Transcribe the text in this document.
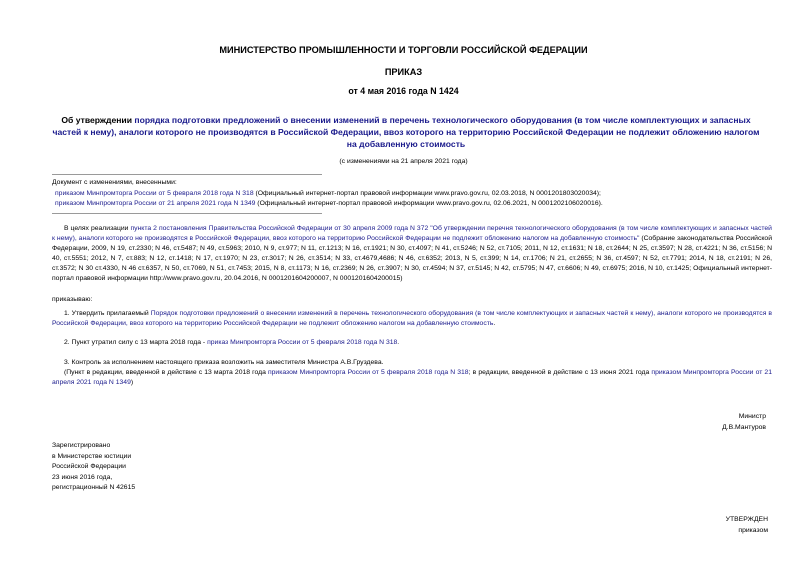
МИНИСТЕРСТВО ПРОМЫШЛЕННОСТИ И ТОРГОВЛИ РОССИЙСКОЙ ФЕДЕРАЦИИ
ПРИКАЗ
от 4 мая 2016 года N 1424
Об утверждении порядка подготовки предложений о внесении изменений в перечень технологического оборудования (в том числе комплектующих и запасных частей к нему), аналоги которого не производятся в Российской Федерации, ввоз которого на территорию Российской Федерации не подлежит обложению налогом на добавленную стоимость
(с изменениями на 21 апреля 2021 года)
Документ с изменениями, внесенными:
приказом Минпромторга России от 5 февраля 2018 года N 318 (Официальный интернет-портал правовой информации www.pravo.gov.ru, 02.03.2018, N 0001201803020034);
приказом Минпромторга России от 21 апреля 2021 года N 1349 (Официальный интернет-портал правовой информации www.pravo.gov.ru, 02.06.2021, N 0001202106020016).
В целях реализации пункта 2 постановления Правительства Российской Федерации от 30 апреля 2009 года N 372 "Об утверждении перечня технологического оборудования (в том числе комплектующих и запасных частей к нему), аналоги которого не производятся в Российской Федерации, ввоз которого на территорию Российской Федерации не подлежит обложению налогом на добавленную стоимость" (Собрание законодательства Российской Федерации, 2009, N 19, ст.2330; N 46, ст.5487; N 49, ст.5963; 2010, N 9, ст.977; N 11, ст.1213; N 16, ст.1921; N 30, ст.4097; N 41, ст.5246; N 52, ст.7105; 2011, N 12, ст.1631; N 18, ст.2644; N 25, ст.3597; N 28, ст.4221; N 36, ст.5156; N 40, ст.5551; 2012, N 7, ст.883; N 12, ст.1418; N 17, ст.1970; N 23, ст.3017; N 26, ст.3514; N 33, ст.4679,4686; N 46, ст.6352; 2013, N 5, ст.399; N 14, ст.1706; N 21, ст.2655; N 36, ст.4597; N 52, ст.7791; 2014, N 18, ст.2191; N 26, ст.3572; N 30 ст.4330, N 46 ст.6357, N 50, ст.7069, N 51, ст.7453; 2015, N 8, ст.1173; N 16, ст.2369; N 26, ст.3907; N 30, ст.4594; N 37, ст.5145; N 42, ст.5795; N 47, ст.6606; N 49, ст.6975; 2016, N 10, ст.1425; Официальный интернет-портал правовой информации http://www.pravo.gov.ru, 20.04.2016, N 0001201604200007, N 0001201604200015)
приказываю:
1. Утвердить прилагаемый Порядок подготовки предложений о внесении изменений в перечень технологического оборудования (в том числе комплектующих и запасных частей к нему), аналоги которого не производятся в Российской Федерации, ввоз которого на территорию Российской Федерации не подлежит обложению налогом на добавленную стоимость.
2. Пункт утратил силу с 13 марта 2018 года - приказ Минпромторга России от 5 февраля 2018 года N 318.
3. Контроль за исполнением настоящего приказа возложить на заместителя Министра А.В.Груздева.
(Пункт в редакции, введенной в действие с 13 марта 2018 года приказом Минпромторга России от 5 февраля 2018 года N 318; в редакции, введенной в действие с 13 июня 2021 года приказом Минпромторга России от 21 апреля 2021 года N 1349)
Министр
Д.В.Мантуров
Зарегистрировано
в Министерстве юстиции
Российской Федерации
23 июня 2016 года,
регистрационный N 42615
УТВЕРЖДЕН
приказом
